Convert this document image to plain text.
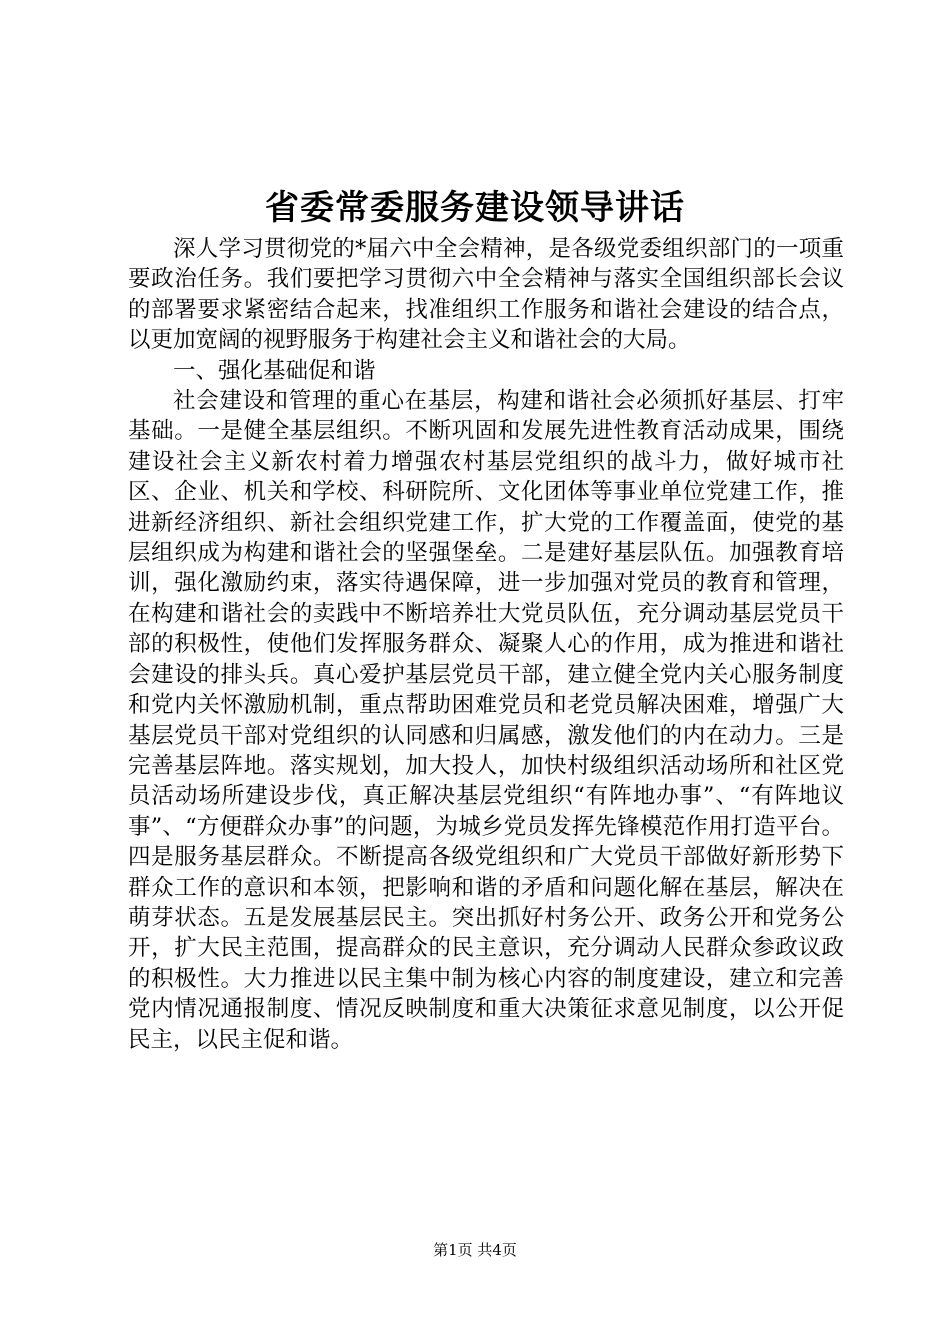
省委常委服务建设领导讲话

深人学习贯彻党的*届六中全会精神，是各级党委组织部门的一项重要政治任务。我们要把学习贯彻六中全会精神与落实全国组织部长会议的部署要求紧密结合起来，找准组织工作服务和谐社会建设的结合点，以更加宽阔的视野服务于构建社会主义和谐社会的大局。

一、强化基础促和谐

社会建设和管理的重心在基层，构建和谐社会必须抓好基层、打牢基础。一是健全基层组织。不断巩固和发展先进性教育活动成果，围绕建设社会主义新农村着力增强农村基层党组织的战斗力，做好城市社区、企业、机关和学校、科研院所、文化团体等事业单位党建工作，推进新经济组织、新社会组织党建工作，扩大党的工作覆盖面，使党的基层组织成为构建和谐社会的坚强堡垒。二是建好基层队伍。加强教育培训，强化激励约束，落实待遇保障，进一步加强对党员的教育和管理，在构建和谐社会的卖践中不断培养壮大党员队伍，充分调动基层党员干部的积极性，使他们发挥服务群众、凝聚人心的作用，成为推进和谐社会建设的排头兵。真心爱护基层党员干部，建立健全党内关心服务制度和党内关怀激励机制，重点帮助困难党员和老党员解决困难，增强广大基层党员干部对党组织的认同感和归属感，激发他们的内在动力。三是完善基层阵地。落实规划，加大投人，加快村级组织活动场所和社区党员活动场所建设步伐，真正解决基层党组织“有阵地办事”、“有阵地议事”、“方便群众办事”的问题，为城乡党员发挥先锋模范作用打造平台。四是服务基层群众。不断提高各级党组织和广大党员干部做好新形势下群众工作的意识和本领，把影响和谐的矛盾和问题化解在基层，解决在萌芽状态。五是发展基层民主。突出抓好村务公开、政务公开和党务公开，扩大民主范围，提高群众的民主意识，充分调动人民群众参政议政的积极性。大力推进以民主集中制为核心内容的制度建设，建立和完善党内情况通报制度、情况反映制度和重大决策征求意见制度，以公开促民主，以民主促和谐。

第1页 共4页
